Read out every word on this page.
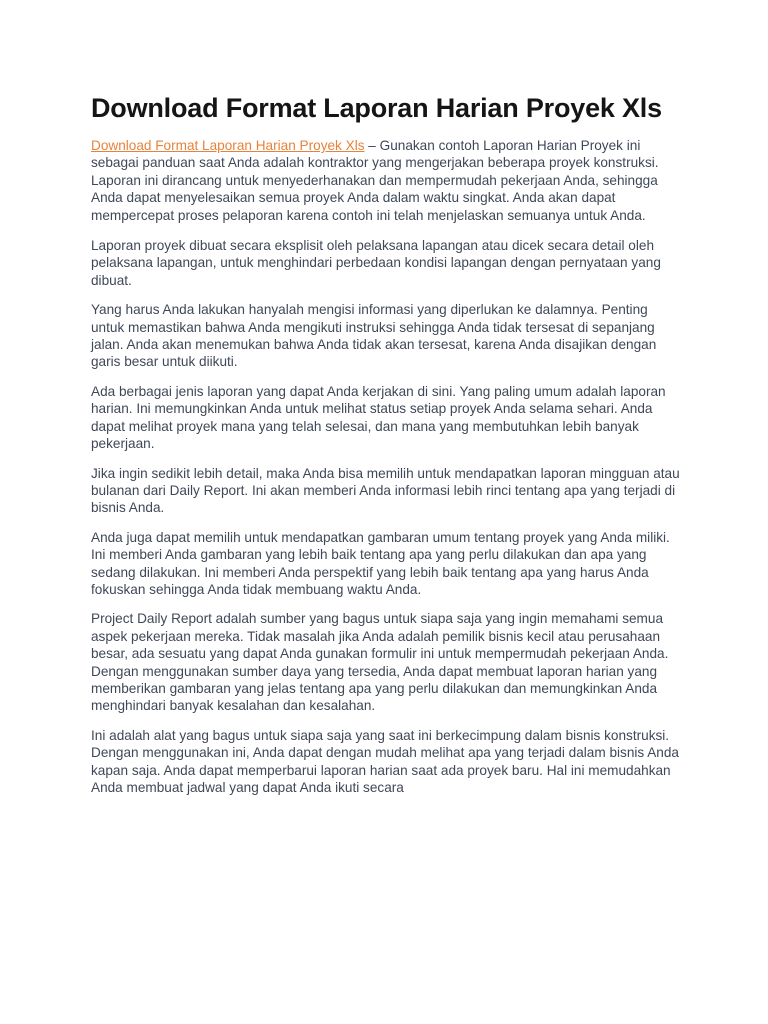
Download Format Laporan Harian Proyek Xls

Download Format Laporan Harian Proyek Xls – Gunakan contoh Laporan Harian Proyek ini sebagai panduan saat Anda adalah kontraktor yang mengerjakan beberapa proyek konstruksi. Laporan ini dirancang untuk menyederhanakan dan mempermudah pekerjaan Anda, sehingga Anda dapat menyelesaikan semua proyek Anda dalam waktu singkat. Anda akan dapat mempercepat proses pelaporan karena contoh ini telah menjelaskan semuanya untuk Anda.

Laporan proyek dibuat secara eksplisit oleh pelaksana lapangan atau dicek secara detail oleh pelaksana lapangan, untuk menghindari perbedaan kondisi lapangan dengan pernyataan yang dibuat.

Yang harus Anda lakukan hanyalah mengisi informasi yang diperlukan ke dalamnya. Penting untuk memastikan bahwa Anda mengikuti instruksi sehingga Anda tidak tersesat di sepanjang jalan. Anda akan menemukan bahwa Anda tidak akan tersesat, karena Anda disajikan dengan garis besar untuk diikuti.

Ada berbagai jenis laporan yang dapat Anda kerjakan di sini. Yang paling umum adalah laporan harian. Ini memungkinkan Anda untuk melihat status setiap proyek Anda selama sehari. Anda dapat melihat proyek mana yang telah selesai, dan mana yang membutuhkan lebih banyak pekerjaan.

Jika ingin sedikit lebih detail, maka Anda bisa memilih untuk mendapatkan laporan mingguan atau bulanan dari Daily Report. Ini akan memberi Anda informasi lebih rinci tentang apa yang terjadi di bisnis Anda.

Anda juga dapat memilih untuk mendapatkan gambaran umum tentang proyek yang Anda miliki. Ini memberi Anda gambaran yang lebih baik tentang apa yang perlu dilakukan dan apa yang sedang dilakukan. Ini memberi Anda perspektif yang lebih baik tentang apa yang harus Anda fokuskan sehingga Anda tidak membuang waktu Anda.

Project Daily Report adalah sumber yang bagus untuk siapa saja yang ingin memahami semua aspek pekerjaan mereka. Tidak masalah jika Anda adalah pemilik bisnis kecil atau perusahaan besar, ada sesuatu yang dapat Anda gunakan formulir ini untuk mempermudah pekerjaan Anda. Dengan menggunakan sumber daya yang tersedia, Anda dapat membuat laporan harian yang memberikan gambaran yang jelas tentang apa yang perlu dilakukan dan memungkinkan Anda menghindari banyak kesalahan dan kesalahan.

Ini adalah alat yang bagus untuk siapa saja yang saat ini berkecimpung dalam bisnis konstruksi. Dengan menggunakan ini, Anda dapat dengan mudah melihat apa yang terjadi dalam bisnis Anda kapan saja. Anda dapat memperbarui laporan harian saat ada proyek baru. Hal ini memudahkan Anda membuat jadwal yang dapat Anda ikuti secara
